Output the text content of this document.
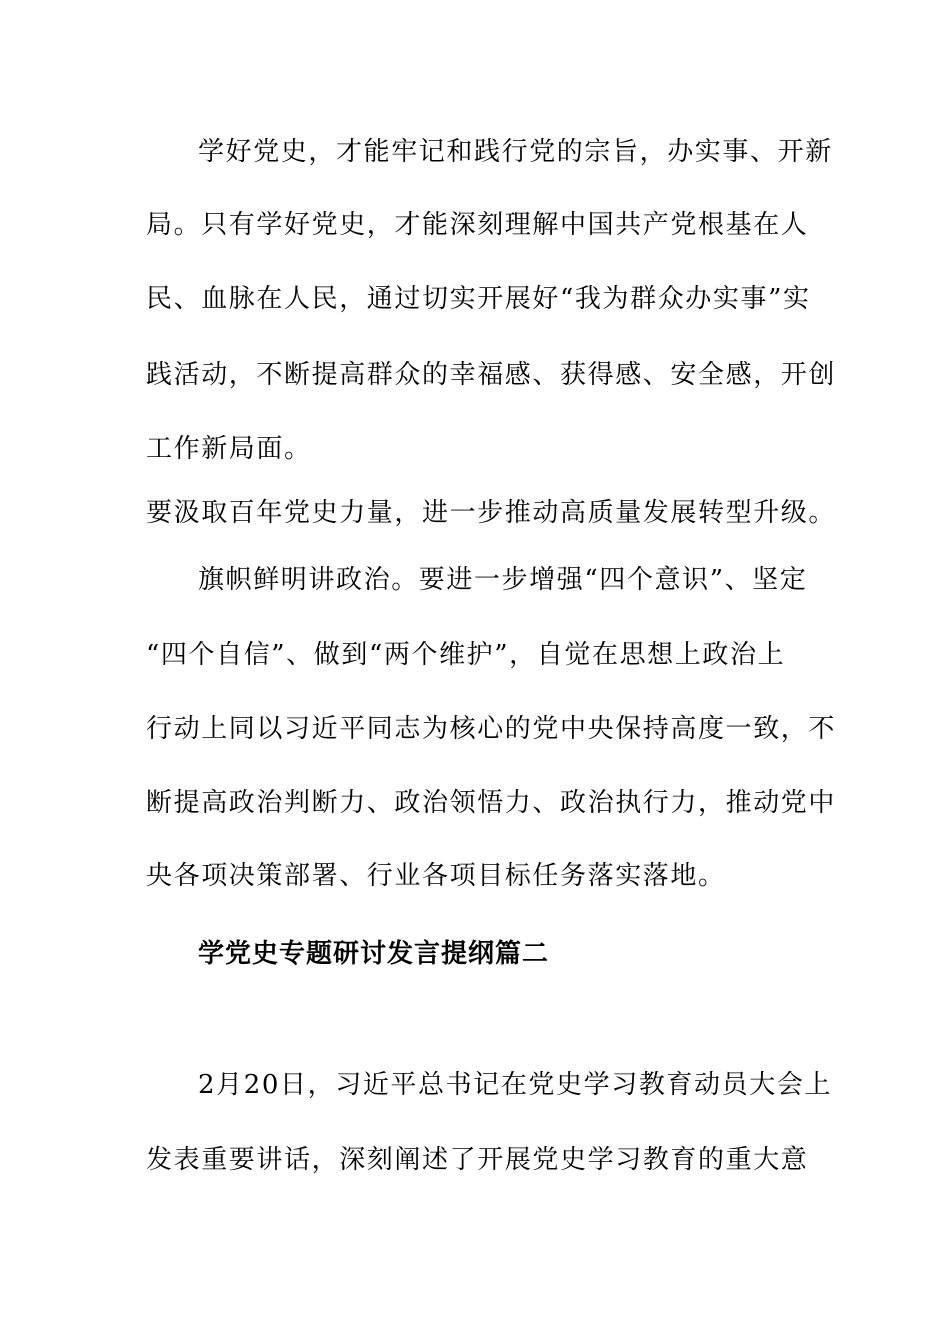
学好党史，才能牢记和践行党的宗旨，办实事、开新
局。只有学好党史，才能深刻理解中国共产党根基在人
民、血脉在人民，通过切实开展好“我为群众办实事”实
践活动，不断提高群众的幸福感、获得感、安全感，开创
工作新局面。
要汲取百年党史力量，进一步推动高质量发展转型升级。
旗帜鲜明讲政治。要进一步增强“四个意识”、坚定
“四个自信”、做到“两个维护”，自觉在思想上政治上
行动上同以习近平同志为核心的党中央保持高度一致，不
断提高政治判断力、政治领悟力、政治执行力，推动党中
央各项决策部署、行业各项目标任务落实落地。
学党史专题研讨发言提纲篇二
2月20日，习近平总书记在党史学习教育动员大会上
发表重要讲话，深刻阐述了开展党史学习教育的重大意
